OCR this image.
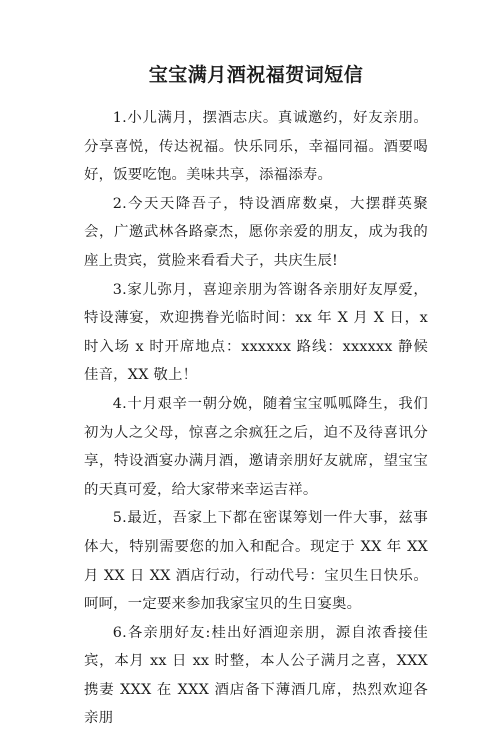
宝宝满月酒祝福贺词短信

1.小儿满月，摆酒志庆。真诚邀约，好友亲朋。分享喜悦，传达祝福。快乐同乐，幸福同福。酒要喝好，饭要吃饱。美味共享，添福添寿。

2.今天天降吾子，特设酒席数桌，大摆群英聚会，广邀武林各路豪杰，愿你亲爱的朋友，成为我的座上贵宾，赏脸来看看犬子，共庆生辰!

3.家儿弥月，喜迎亲朋为答谢各亲朋好友厚爱，特设薄宴，欢迎携眷光临时间：xx 年 X 月 X 日，x 时入场 x 时开席地点：xxxxxx 路线：xxxxxx 静候佳音，XX 敬上！

4.十月艰辛一朝分娩，随着宝宝呱呱降生，我们初为人之父母，惊喜之余疯狂之后，迫不及待喜讯分享，特设酒宴办满月酒，邀请亲朋好友就席，望宝宝的天真可爱，给大家带来幸运吉祥。

5.最近，吾家上下都在密谋筹划一件大事，兹事体大，特别需要您的加入和配合。现定于 XX 年 XX 月 XX 日 XX 酒店行动，行动代号：宝贝生日快乐。呵呵，一定要来参加我家宝贝的生日宴奥。

6.各亲朋好友:桂出好酒迎亲朋，源自浓香接佳宾，本月 xx 日 xx 时整，本人公子满月之喜，XXX 携妻 XXX 在 XXX 酒店备下薄酒几席，热烈欢迎各亲朋
